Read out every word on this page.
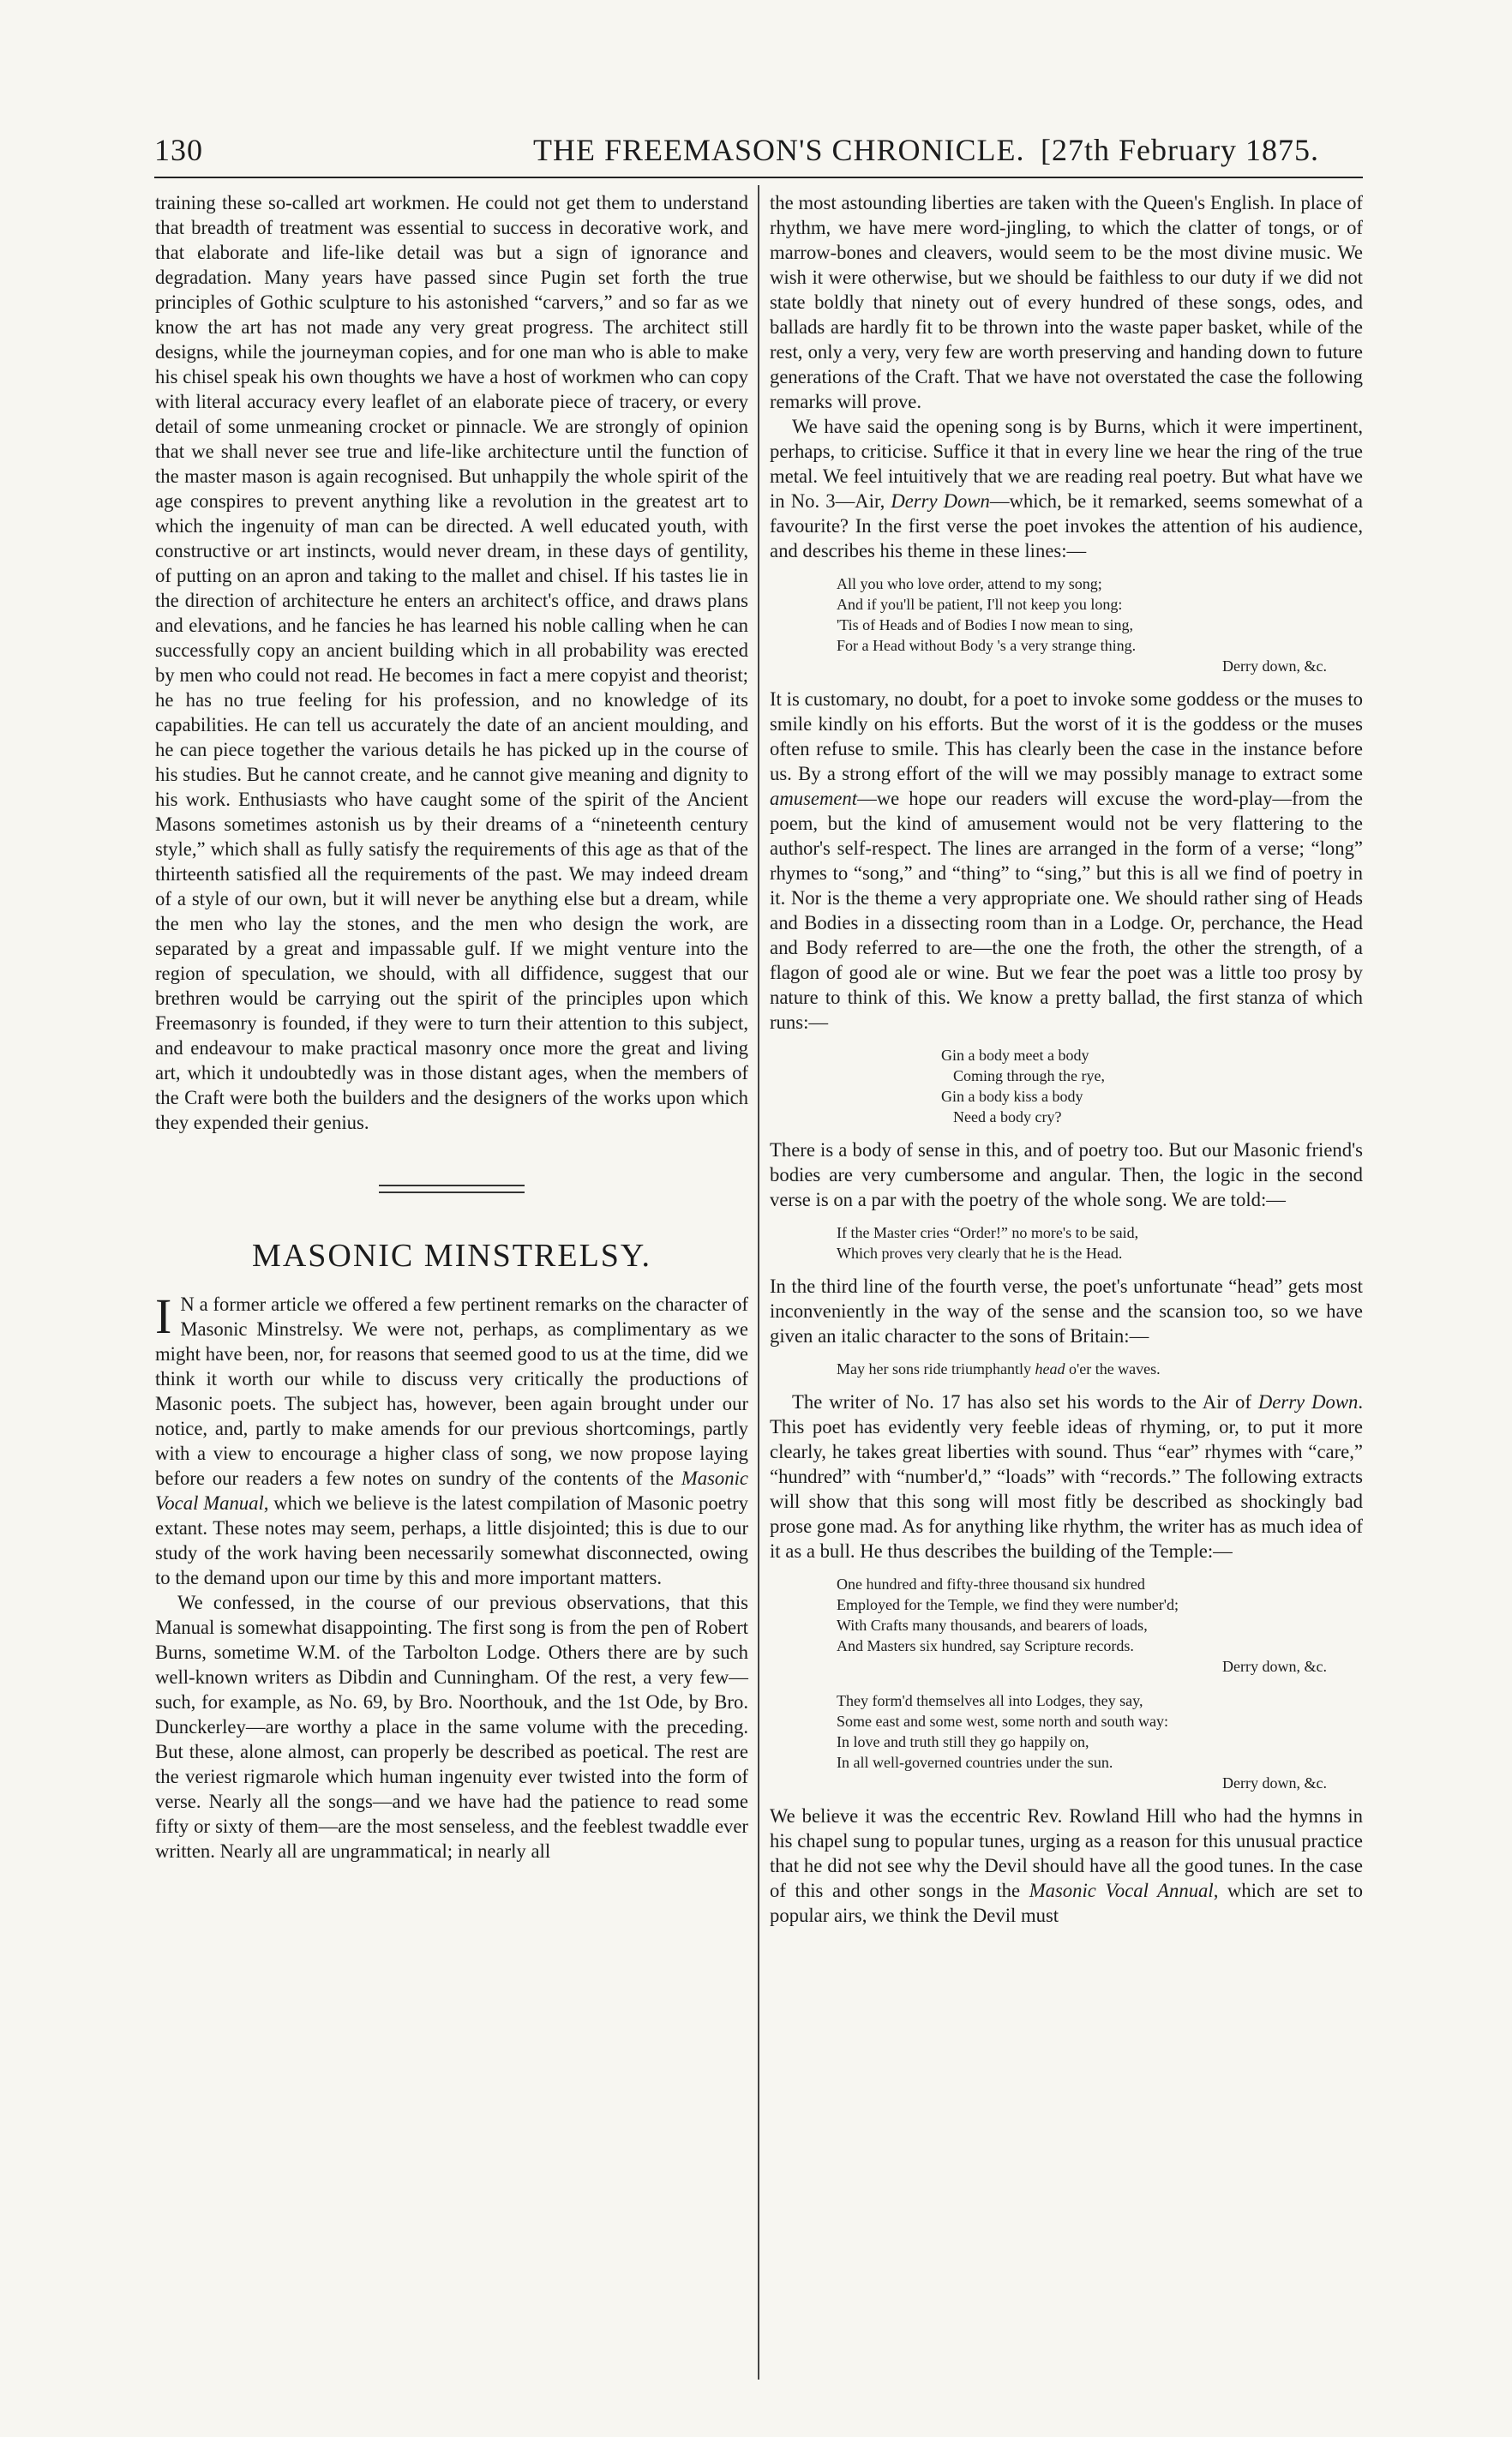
130	THE FREEMASON'S CHRONICLE. [27th February 1875.

training these so-called art workmen. He could not get them to understand that breadth of treatment was essential to success in decorative work, and that elaborate and life-like detail was but a sign of ignorance and degradation. Many years have passed since Pugin set forth the true principles of Gothic sculpture to his astonished “carvers,” and so far as we know the art has not made any very great progress. The architect still designs, while the journeyman copies, and for one man who is able to make his chisel speak his own thoughts we have a host of workmen who can copy with literal accuracy every leaflet of an elaborate piece of tracery, or every detail of some unmeaning crocket or pinnacle. We are strongly of opinion that we shall never see true and life-like architecture until the function of the master mason is again recognised. But unhappily the whole spirit of the age conspires to prevent anything like a revolution in the greatest art to which the ingenuity of man can be directed. A well educated youth, with constructive or art instincts, would never dream, in these days of gentility, of putting on an apron and taking to the mallet and chisel. If his tastes lie in the direction of architecture he enters an architect's office, and draws plans and elevations, and he fancies he has learned his noble calling when he can successfully copy an ancient building which in all probability was erected by men who could not read. He becomes in fact a mere copyist and theorist; he has no true feeling for his profession, and no knowledge of its capabilities. He can tell us accurately the date of an ancient moulding, and he can piece together the various details he has picked up in the course of his studies. But he cannot create, and he cannot give meaning and dignity to his work. Enthusiasts who have caught some of the spirit of the Ancient Masons sometimes astonish us by their dreams of a “nineteenth century style,” which shall as fully satisfy the requirements of this age as that of the thirteenth satisfied all the requirements of the past. We may indeed dream of a style of our own, but it will never be anything else but a dream, while the men who lay the stones, and the men who design the work, are separated by a great and impassable gulf. If we might venture into the region of speculation, we should, with all diffidence, suggest that our brethren would be carrying out the spirit of the principles upon which Freemasonry is founded, if they were to turn their attention to this subject, and endeavour to make practical masonry once more the great and living art, which it undoubtedly was in those distant ages, when the members of the Craft were both the builders and the designers of the works upon which they expended their genius.

MASONIC MINSTRELSY.

I N a former article we offered a few pertinent remarks on the character of Masonic Minstrelsy. We were not, perhaps, as complimentary as we might have been, nor, for reasons that seemed good to us at the time, did we think it worth our while to discuss very critically the productions of Masonic poets. The subject has, however, been again brought under our notice, and, partly to make amends for our previous shortcomings, partly with a view to encourage a higher class of song, we now propose laying before our readers a few notes on sundry of the contents of the Masonic Vocal Manual, which we believe is the latest compilation of Masonic poetry extant. These notes may seem, perhaps, a little disjointed; this is due to our study of the work having been necessarily somewhat disconnected, owing to the demand upon our time by this and more important matters.

We confessed, in the course of our previous observations, that this Manual is somewhat disappointing. The first song is from the pen of Robert Burns, sometime W.M. of the Tarbolton Lodge. Others there are by such well-known writers as Dibdin and Cunningham. Of the rest, a very few—such, for example, as No. 69, by Bro. Noorthouk, and the 1st Ode, by Bro. Dunckerley—are worthy a place in the same volume with the preceding. But these, alone almost, can properly be described as poetical. The rest are the veriest rigmarole which human ingenuity ever twisted into the form of verse. Nearly all the songs—and we have had the patience to read some fifty or sixty of them—are the most senseless, and the feeblest twaddle ever written. Nearly all are ungrammatical; in nearly all

the most astounding liberties are taken with the Queen's English. In place of rhythm, we have mere word-jingling, to which the clatter of tongs, or of marrow-bones and cleavers, would seem to be the most divine music. We wish it were otherwise, but we should be faithless to our duty if we did not state boldly that ninety out of every hundred of these songs, odes, and ballads are hardly fit to be thrown into the waste paper basket, while of the rest, only a very, very few are worth preserving and handing down to future generations of the Craft. That we have not overstated the case the following remarks will prove.

We have said the opening song is by Burns, which it were impertinent, perhaps, to criticise. Suffice it that in every line we hear the ring of the true metal. We feel intuitively that we are reading real poetry. But what have we in No. 3—Air, Derry Down—which, be it remarked, seems somewhat of a favourite? In the first verse the poet invokes the attention of his audience, and describes his theme in these lines:—

All you who love order, attend to my song;
And if you'll be patient, I'll not keep you long:
'Tis of Heads and of Bodies I now mean to sing,
For a Head without Body 's a very strange thing.
Derry down, &c.

It is customary, no doubt, for a poet to invoke some goddess or the muses to smile kindly on his efforts. But the worst of it is the goddess or the muses often refuse to smile. This has clearly been the case in the instance before us. By a strong effort of the will we may possibly manage to extract some amusement—we hope our readers will excuse the word-play—from the poem, but the kind of amusement would not be very flattering to the author's self-respect. The lines are arranged in the form of a verse; “long” rhymes to “song,” and “thing” to “sing,” but this is all we find of poetry in it. Nor is the theme a very appropriate one. We should rather sing of Heads and Bodies in a dissecting room than in a Lodge. Or, perchance, the Head and Body referred to are—the one the froth, the other the strength, of a flagon of good ale or wine. But we fear the poet was a little too prosy by nature to think of this. We know a pretty ballad, the first stanza of which runs:—

Gin a body meet a body
Coming through the rye,
Gin a body kiss a body
Need a body cry?

There is a body of sense in this, and of poetry too. But our Masonic friend's bodies are very cumbersome and angular. Then, the logic in the second verse is on a par with the poetry of the whole song. We are told:—

If the Master cries “Order!” no more's to be said,
Which proves very clearly that he is the Head.

In the third line of the fourth verse, the poet's unfortunate “head” gets most inconveniently in the way of the sense and the scansion too, so we have given an italic character to the sons of Britain:—

May her sons ride triumphantly head o'er the waves.

The writer of No. 17 has also set his words to the Air of Derry Down. This poet has evidently very feeble ideas of rhyming, or, to put it more clearly, he takes great liberties with sound. Thus “ear” rhymes with “care,” “hundred” with “number'd,” “loads” with “records.” The following extracts will show that this song will most fitly be described as shockingly bad prose gone mad. As for anything like rhythm, the writer has as much idea of it as a bull. He thus describes the building of the Temple:—

One hundred and fifty-three thousand six hundred
Employed for the Temple, we find they were number'd;
With Crafts many thousands, and bearers of loads,
And Masters six hundred, say Scripture records.
Derry down, &c.
They form'd themselves all into Lodges, they say,
Some east and some west, some north and south way:
In love and truth still they go happily on,
In all well-governed countries under the sun.
Derry down, &c.

We believe it was the eccentric Rev. Rowland Hill who had the hymns in his chapel sung to popular tunes, urging as a reason for this unusual practice that he did not see why the Devil should have all the good tunes. In the case of this and other songs in the Masonic Vocal Annual, which are set to popular airs, we think the Devil must
